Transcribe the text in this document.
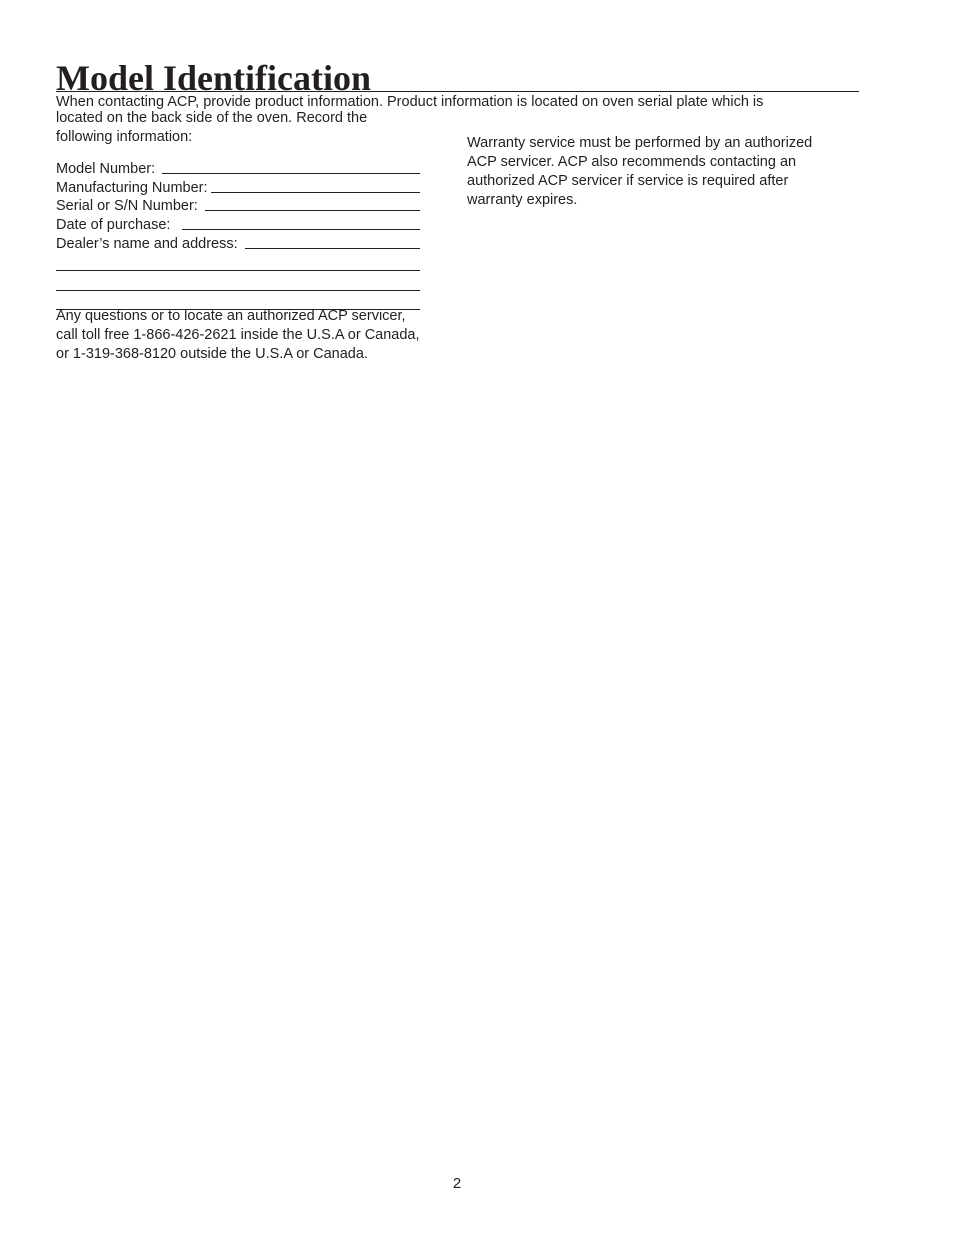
Model Identification

When contacting ACP, provide product information. Product information is located on oven serial plate which is
located on the back side of the oven. Record the
following information:

Model Number:
Manufacturing Number:
Serial or S/N Number:
Date of purchase:
Dealer’s name and address:

Any questions or to locate an authorized ACP servicer,
call toll free 1-866-426-2621 inside the U.S.A or Canada,
or 1-319-368-8120 outside the U.S.A or Canada.

Warranty service must be performed by an authorized
ACP servicer. ACP also recommends contacting an
authorized ACP servicer if service is required after
warranty expires.

2
